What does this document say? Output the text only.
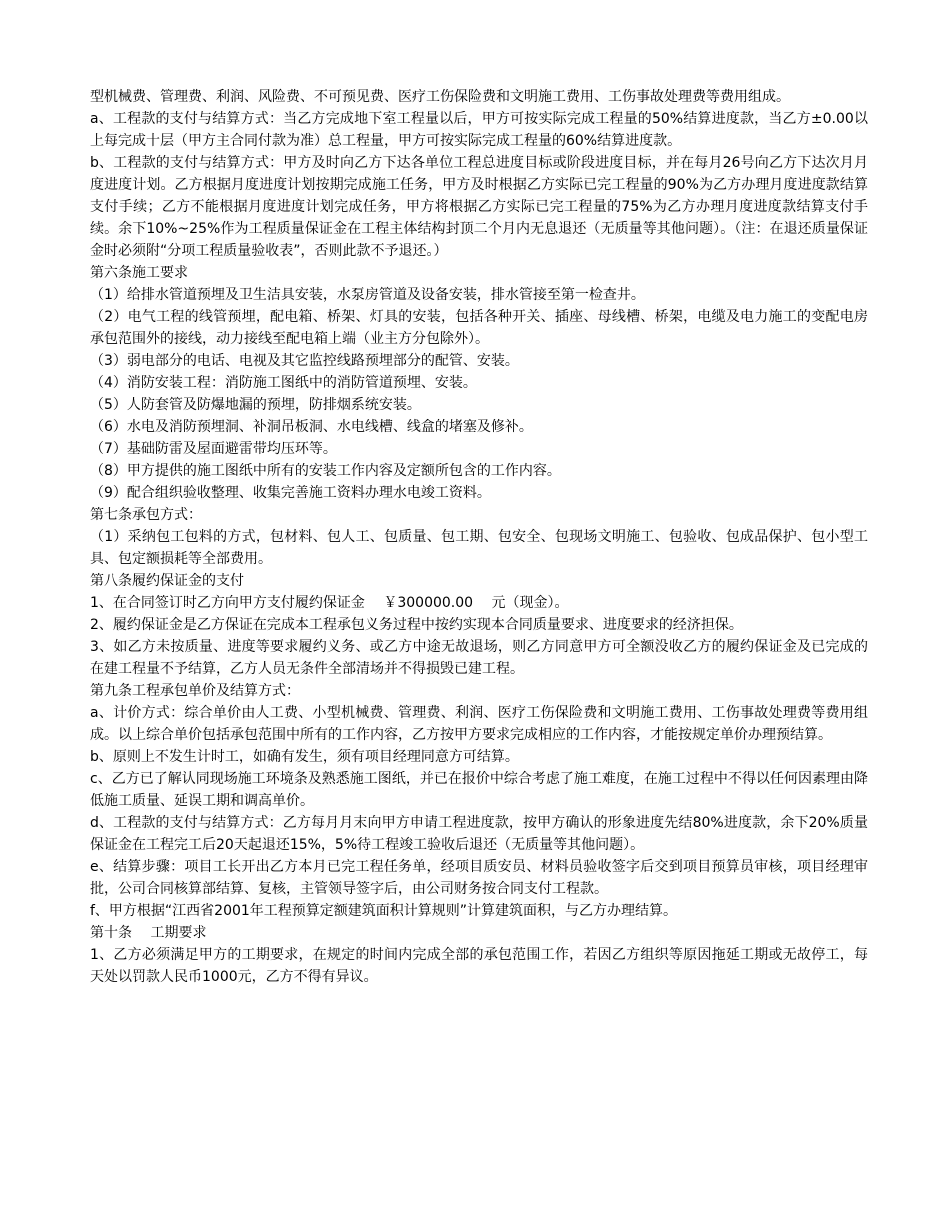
型机械费、管理费、利润、风险费、不可预见费、医疗工伤保险费和文明施工费用、工伤事故处理费等费用组成。

a、工程款的支付与结算方式：当乙方完成地下室工程量以后，甲方可按实际完成工程量的50%结算进度款，当乙方±0.00以上每完成十层（甲方主合同付款为准）总工程量，甲方可按实际完成工程量的60%结算进度款。

b、工程款的支付与结算方式：甲方及时向乙方下达各单位工程总进度目标或阶段进度目标，并在每月26号向乙方下达次月月度进度计划。乙方根据月度进度计划按期完成施工任务，甲方及时根据乙方实际已完工程量的90%为乙方办理月度进度款结算支付手续；乙方不能根据月度进度计划完成任务，甲方将根据乙方实际已完工程量的75%为乙方办理月度进度款结算支付手续。余下10%~25%作为工程质量保证金在工程主体结构封顶二个月内无息退还（无质量等其他问题）。（注：在退还质量保证金时必须附“分项工程质量验收表”，否则此款不予退还。）

第六条施工要求

（1）给排水管道预埋及卫生洁具安装，水泵房管道及设备安装，排水管接至第一检查井。

（2）电气工程的线管预埋，配电箱、桥架、灯具的安装，包括各种开关、插座、母线槽、桥架，电缆及电力施工的变配电房承包范围外的接线，动力接线至配电箱上端（业主方分包除外）。

（3）弱电部分的电话、电视及其它监控线路预埋部分的配管、安装。

（4）消防安装工程：消防施工图纸中的消防管道预埋、安装。

（5）人防套管及防爆地漏的预埋，防排烟系统安装。

（6）水电及消防预埋洞、补洞吊板洞、水电线槽、线盒的堵塞及修补。

（7）基础防雷及屋面避雷带均压环等。

（8）甲方提供的施工图纸中所有的安装工作内容及定额所包含的工作内容。

（9）配合组织验收整理、收集完善施工资料办理水电竣工资料。

第七条承包方式：

（1）采纳包工包料的方式，包材料、包人工、包质量、包工期、包安全、包现场文明施工、包验收、包成品保护、包小型工具、包定额损耗等全部费用。

第八条履约保证金的支付

1、在合同签订时乙方向甲方支付履约保证金　 ￥300000.00　 元（现金）。

2、履约保证金是乙方保证在完成本工程承包义务过程中按约实现本合同质量要求、进度要求的经济担保。

3、如乙方未按质量、进度等要求履约义务、或乙方中途无故退场，则乙方同意甲方可全额没收乙方的履约保证金及已完成的在建工程量不予结算，乙方人员无条件全部清场并不得损毁已建工程。

第九条工程承包单价及结算方式：

a、计价方式：综合单价由人工费、小型机械费、管理费、利润、医疗工伤保险费和文明施工费用、工伤事故处理费等费用组成。以上综合单价包括承包范围中所有的工作内容，乙方按甲方要求完成相应的工作内容，才能按规定单价办理预结算。

b、原则上不发生计时工，如确有发生，须有项目经理同意方可结算。

c、乙方已了解认同现场施工环境条及熟悉施工图纸，并已在报价中综合考虑了施工难度，在施工过程中不得以任何因素理由降低施工质量、延误工期和调高单价。

d、工程款的支付与结算方式：乙方每月月末向甲方申请工程进度款，按甲方确认的形象进度先结80%进度款，余下20%质量保证金在工程完工后20天起退还15%，5%待工程竣工验收后退还（无质量等其他问题）。

e、结算步骤：项目工长开出乙方本月已完工程任务单，经项目质安员、材料员验收签字后交到项目预算员审核，项目经理审批，公司合同核算部结算、复核，主管领导签字后，由公司财务按合同支付工程款。

f、甲方根据“江西省2001年工程预算定额建筑面积计算规则”计算建筑面积，与乙方办理结算。

第十条　 工期要求

1、乙方必须满足甲方的工期要求，在规定的时间内完成全部的承包范围工作，若因乙方组织等原因拖延工期或无故停工，每天处以罚款人民币1000元，乙方不得有异议。
